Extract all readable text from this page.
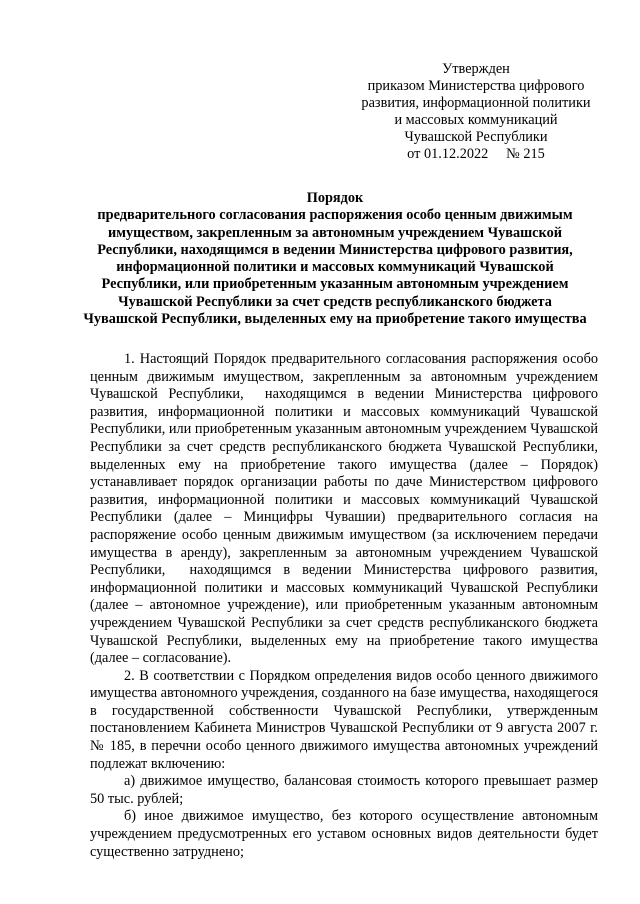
Утвержден
приказом Министерства цифрового
развития, информационной политики
и массовых коммуникаций
Чувашской Республики
от 01.12.2022     № 215
Порядок
предварительного согласования распоряжения особо ценным движимым
имуществом, закрепленным за автономным учреждением Чувашской
Республики, находящимся в ведении Министерства цифрового развития,
информационной политики и массовых коммуникаций Чувашской
Республики, или приобретенным указанным автономным учреждением
Чувашской Республики за счет средств республиканского бюджета
Чувашской Республики, выделенных ему на приобретение такого имущества
1. Настоящий Порядок предварительного согласования распоряжения особо
ценным движимым имуществом, закрепленным за автономным учреждением
Чувашской Республики,  находящимся в ведении Министерства цифрового
развития, информационной политики и массовых коммуникаций Чувашской
Республики, или приобретенным указанным автономным учреждением Чувашской
Республики за счет средств республиканского бюджета Чувашской Республики,
выделенных ему на приобретение такого имущества (далее – Порядок)
устанавливает порядок организации работы по даче Министерством цифрового
развития, информационной политики и массовых коммуникаций Чувашской
Республики (далее – Минцифры Чувашии) предварительного согласия на
распоряжение особо ценным движимым имуществом (за исключением передачи
имущества в аренду), закрепленным за автономным учреждением Чувашской
Республики,  находящимся в ведении Министерства цифрового развития,
информационной политики и массовых коммуникаций Чувашской Республики
(далее – автономное учреждение), или приобретенным указанным автономным
учреждением Чувашской Республики за счет средств республиканского бюджета
Чувашской Республики, выделенных ему на приобретение такого имущества
(далее – согласование).
2. В соответствии с Порядком определения видов особо ценного движимого
имущества автономного учреждения, созданного на базе имущества, находящегося
в государственной собственности Чувашской Республики, утвержденным
постановлением Кабинета Министров Чувашской Республики от 9 августа 2007 г.
№ 185, в перечни особо ценного движимого имущества автономных учреждений
подлежат включению:
а) движимое имущество, балансовая стоимость которого превышает размер
50 тыс. рублей;
б) иное движимое имущество, без которого осуществление автономным
учреждением предусмотренных его уставом основных видов деятельности будет
существенно затруднено;
